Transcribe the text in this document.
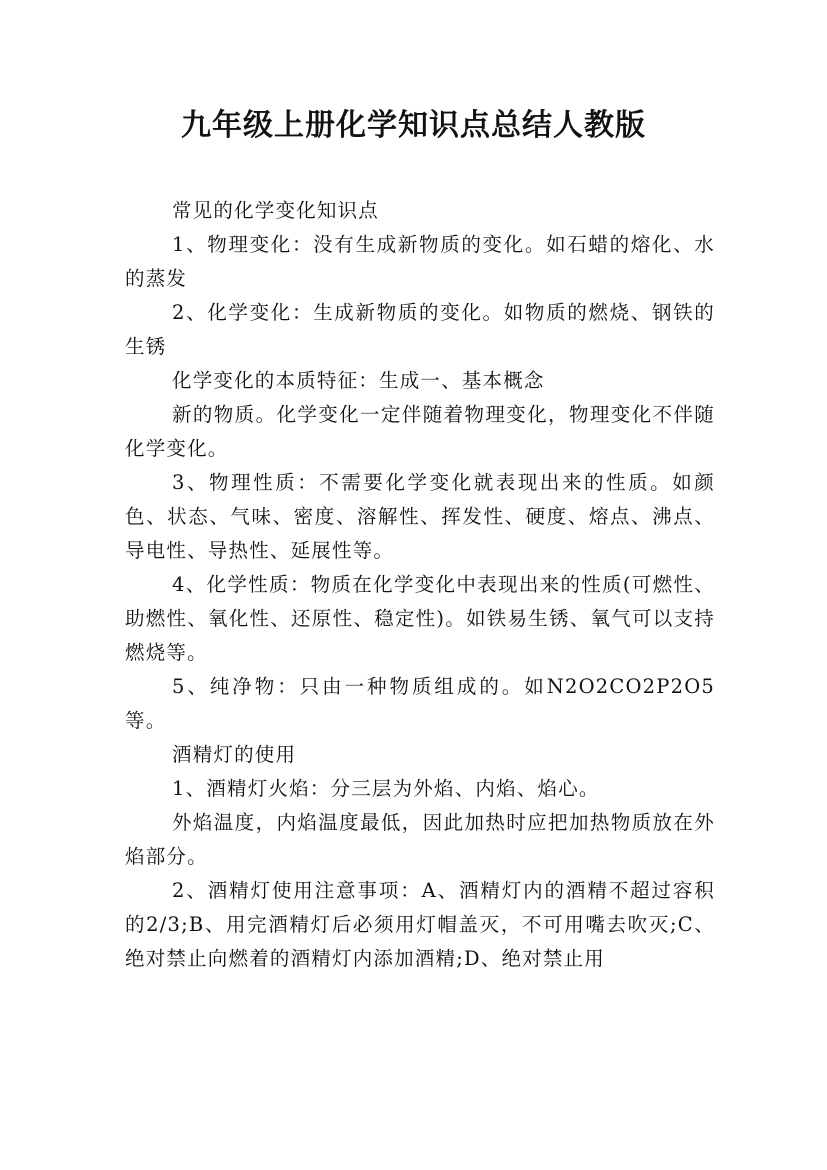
九年级上册化学知识点总结人教版

常见的化学变化知识点

1、物理变化：没有生成新物质的变化。如石蜡的熔化、水的蒸发

2、化学变化：生成新物质的变化。如物质的燃烧、钢铁的生锈

化学变化的本质特征：生成一、基本概念

新的物质。化学变化一定伴随着物理变化，物理变化不伴随化学变化。

3、物理性质：不需要化学变化就表现出来的性质。如颜色、状态、气味、密度、溶解性、挥发性、硬度、熔点、沸点、导电性、导热性、延展性等。

4、化学性质：物质在化学变化中表现出来的性质(可燃性、助燃性、氧化性、还原性、稳定性)。如铁易生锈、氧气可以支持燃烧等。

5、纯净物：只由一种物质组成的。如N2O2CO2P2O5等。

酒精灯的使用

1、酒精灯火焰：分三层为外焰、内焰、焰心。

外焰温度，内焰温度最低，因此加热时应把加热物质放在外焰部分。

2、酒精灯使用注意事项：A、酒精灯内的酒精不超过容积的2/3;B、用完酒精灯后必须用灯帽盖灭，不可用嘴去吹灭;C、绝对禁止向燃着的酒精灯内添加酒精;D、绝对禁止用
